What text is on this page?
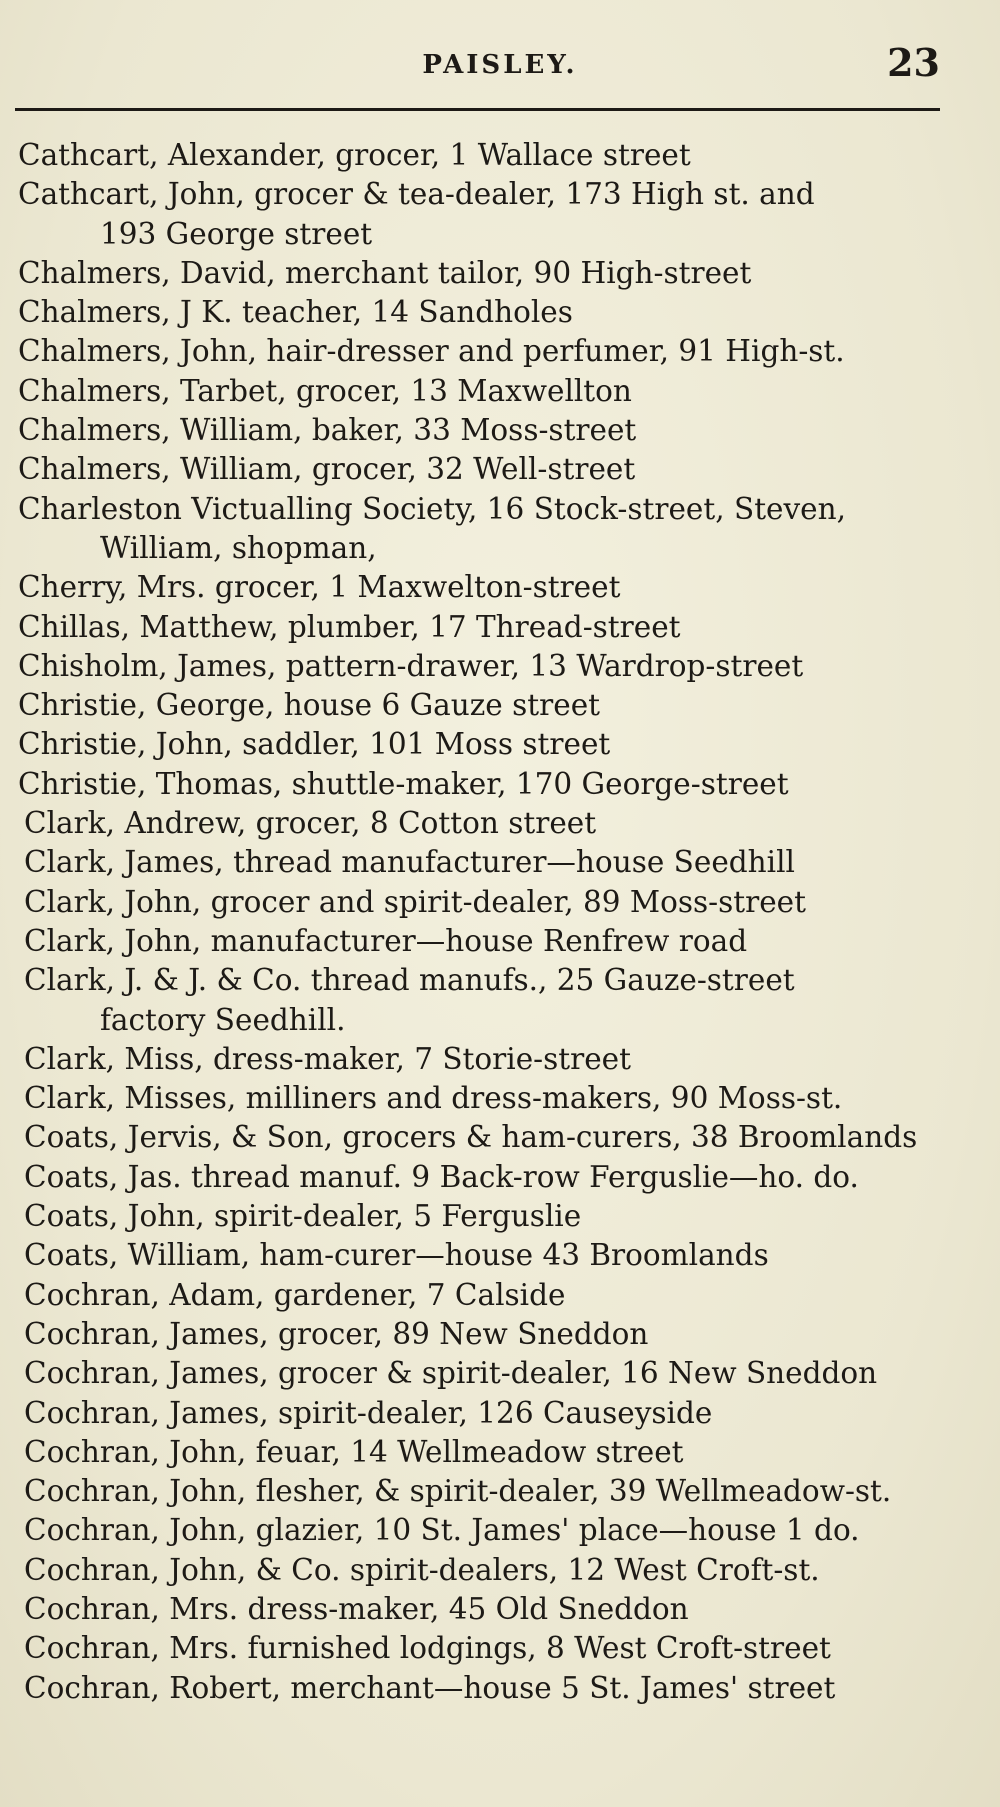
PAISLEY.	23
Cathcart, Alexander, grocer, 1 Wallace street
Cathcart, John, grocer & tea-dealer, 173 High st. and
193 George street
Chalmers, David, merchant tailor, 90 High-street
Chalmers, J K. teacher, 14 Sandholes
Chalmers, John, hair-dresser and perfumer, 91 High-st.
Chalmers, Tarbet, grocer, 13 Maxwellton
Chalmers, William, baker, 33 Moss-street
Chalmers, William, grocer, 32 Well-street
Charleston Victualling Society, 16 Stock-street, Steven,
William, shopman,
Cherry, Mrs. grocer, 1 Maxwelton-street
Chillas, Matthew, plumber, 17 Thread-street
Chisholm, James, pattern-drawer, 13 Wardrop-street
Christie, George, house 6 Gauze street
Christie, John, saddler, 101 Moss street
Christie, Thomas, shuttle-maker, 170 George-street
Clark, Andrew, grocer, 8 Cotton street
Clark, James, thread manufacturer—house Seedhill
Clark, John, grocer and spirit-dealer, 89 Moss-street
Clark, John, manufacturer—house Renfrew road
Clark, J. & J. & Co. thread manufs., 25 Gauze-street
factory Seedhill.
Clark, Miss, dress-maker, 7 Storie-street
Clark, Misses, milliners and dress-makers, 90 Moss-st.
Coats, Jervis, & Son, grocers & ham-curers, 38 Broomlands
Coats, Jas. thread manuf. 9 Back-row Ferguslie—ho. do.
Coats, John, spirit-dealer, 5 Ferguslie
Coats, William, ham-curer—house 43 Broomlands
Cochran, Adam, gardener, 7 Calside
Cochran, James, grocer, 89 New Sneddon
Cochran, James, grocer & spirit-dealer, 16 New Sneddon
Cochran, James, spirit-dealer, 126 Causeyside
Cochran, John, feuar, 14 Wellmeadow street
Cochran, John, flesher, & spirit-dealer, 39 Wellmeadow-st.
Cochran, John, glazier, 10 St. James' place—house 1 do.
Cochran, John, & Co. spirit-dealers, 12 West Croft-st.
Cochran, Mrs. dress-maker, 45 Old Sneddon
Cochran, Mrs. furnished lodgings, 8 West Croft-street
Cochran, Robert, merchant—house 5 St. James' street
